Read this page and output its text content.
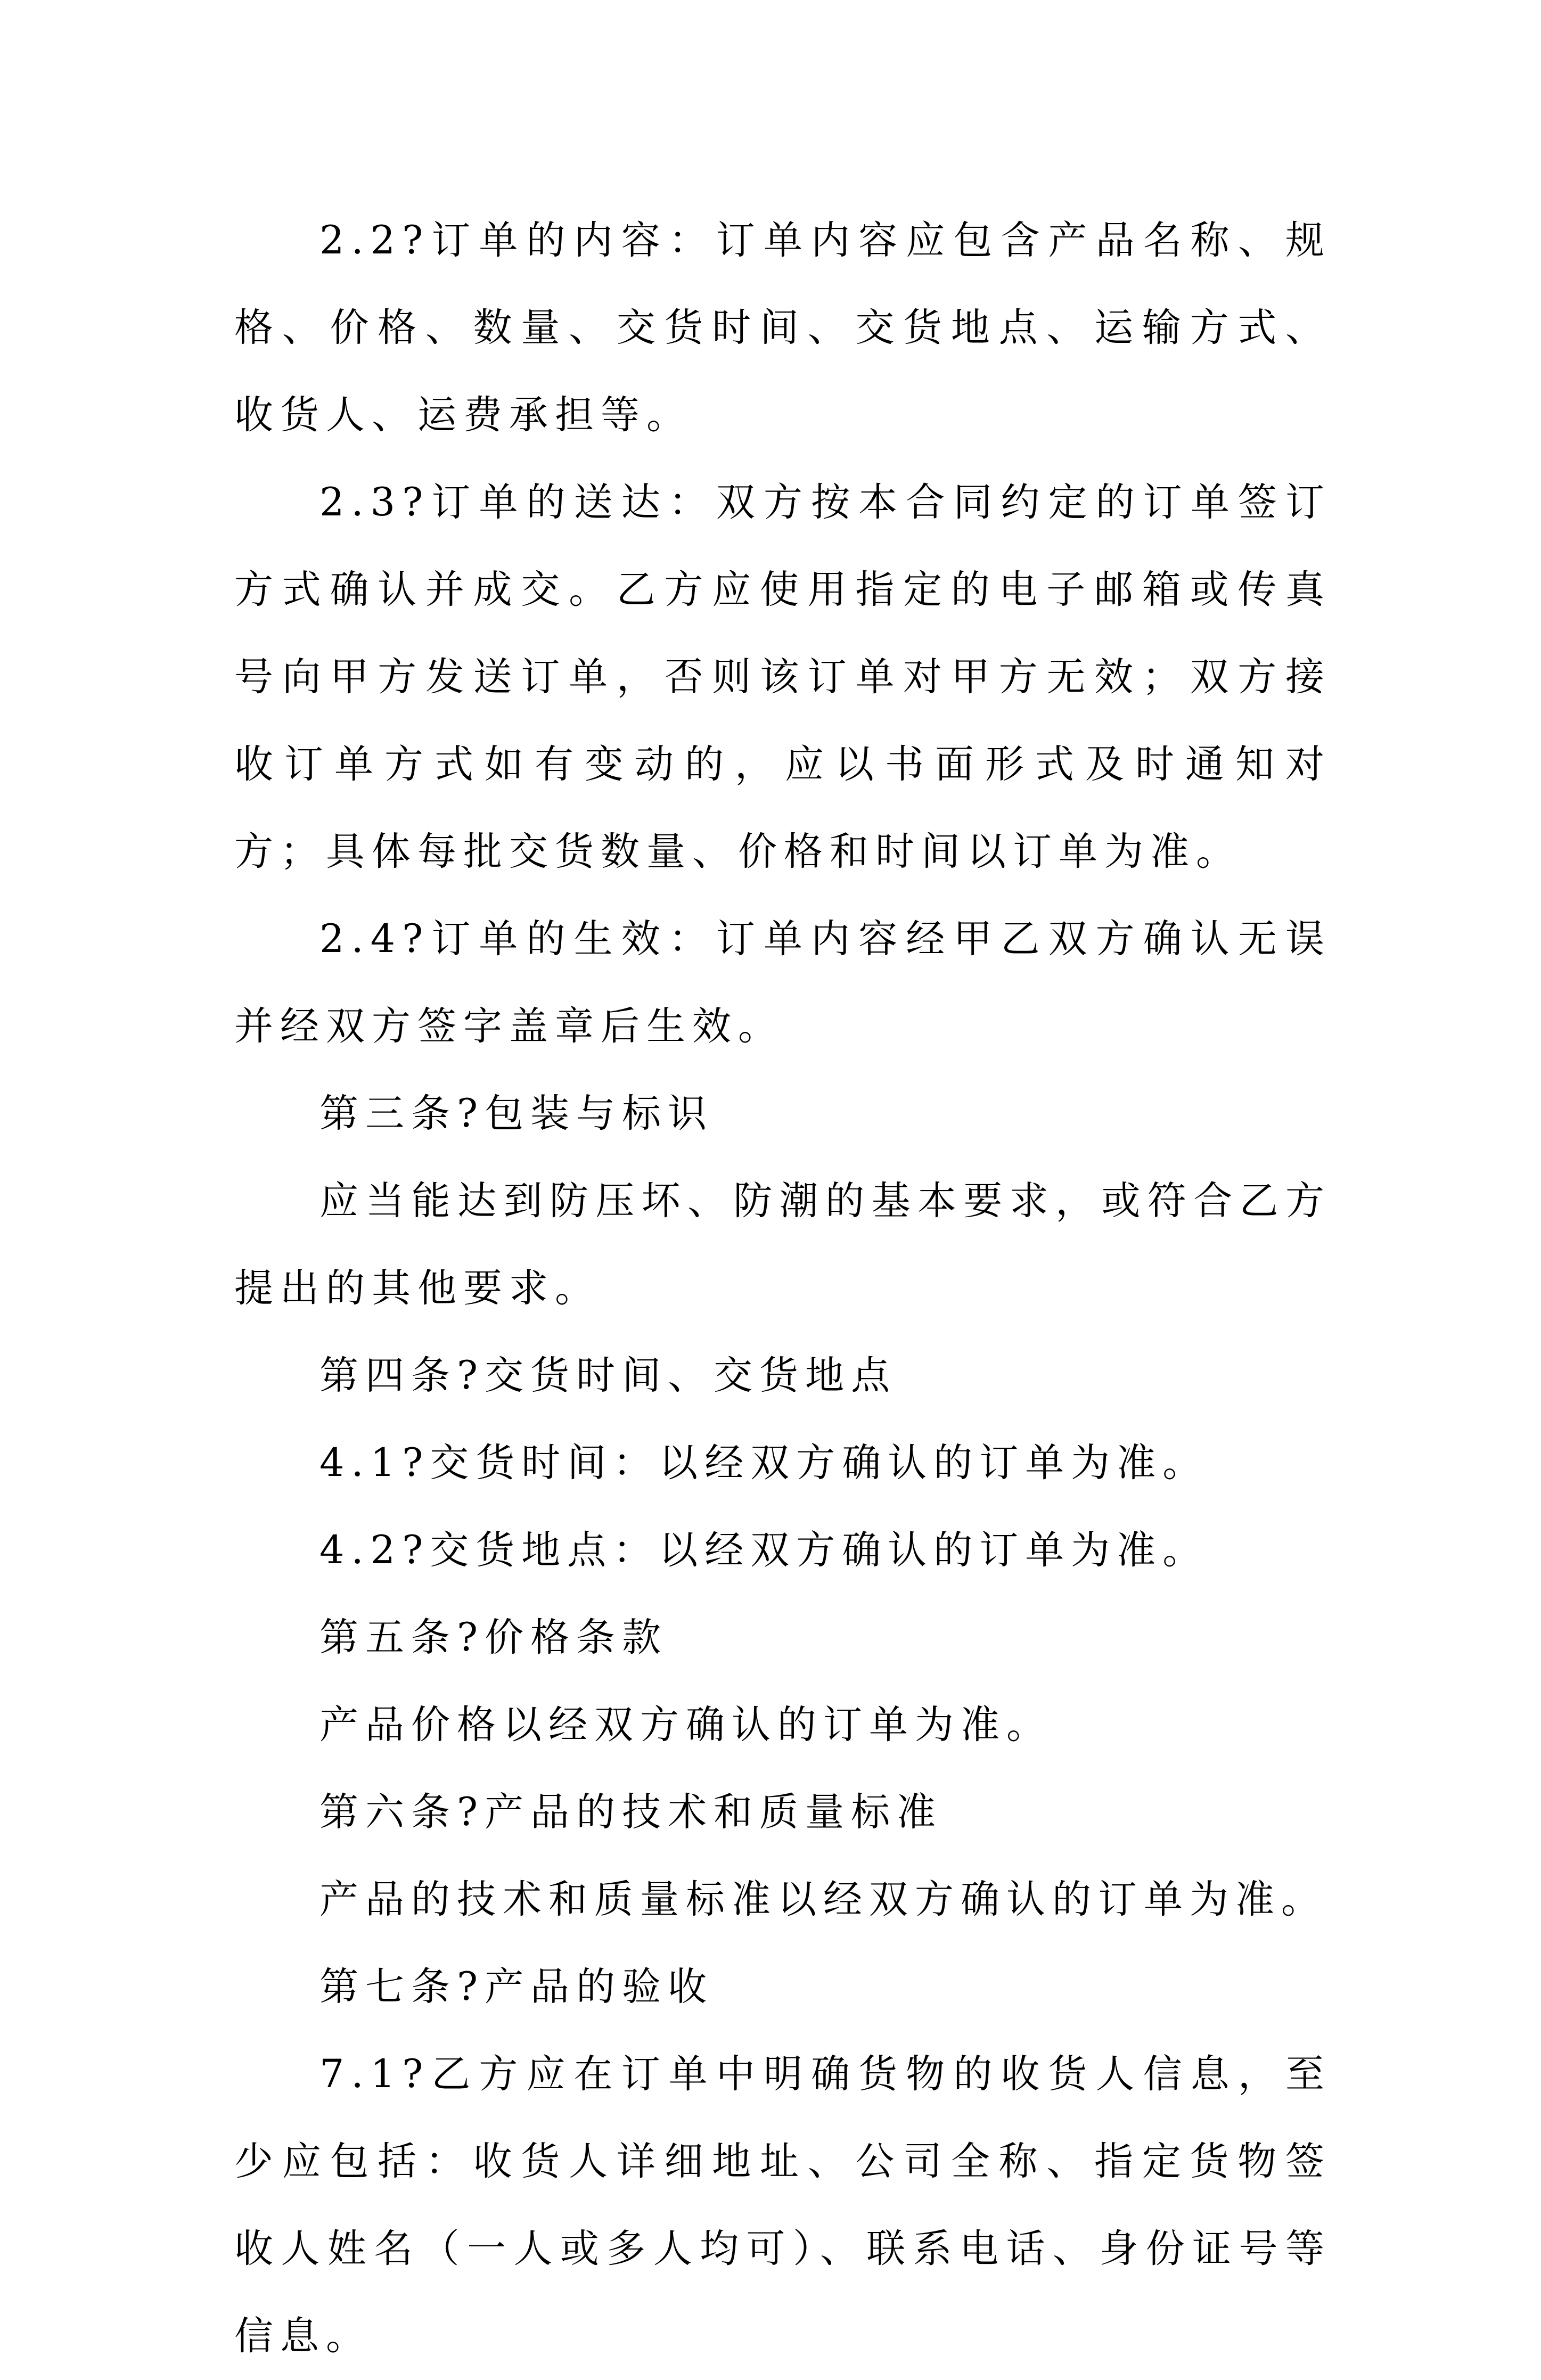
2.2?订单的内容：订单内容应包含产品名称、规格、价格、数量、交货时间、交货地点、运输方式、收货人、运费承担等。

2.3?订单的送达：双方按本合同约定的订单签订方式确认并成交。乙方应使用指定的电子邮箱或传真号向甲方发送订单，否则该订单对甲方无效；双方接收订单方式如有变动的，应以书面形式及时通知对方；具体每批交货数量、价格和时间以订单为准。

2.4?订单的生效：订单内容经甲乙双方确认无误并经双方签字盖章后生效。

第三条?包装与标识

应当能达到防压坏、防潮的基本要求，或符合乙方提出的其他要求。

第四条?交货时间、交货地点

4.1?交货时间：以经双方确认的订单为准。

4.2?交货地点：以经双方确认的订单为准。

第五条?价格条款

产品价格以经双方确认的订单为准。

第六条?产品的技术和质量标准

产品的技术和质量标准以经双方确认的订单为准。

第七条?产品的验收

7.1?乙方应在订单中明确货物的收货人信息，至少应包括：收货人详细地址、公司全称、指定货物签收人姓名（一人或多人均可）、联系电话、身份证号等信息。
